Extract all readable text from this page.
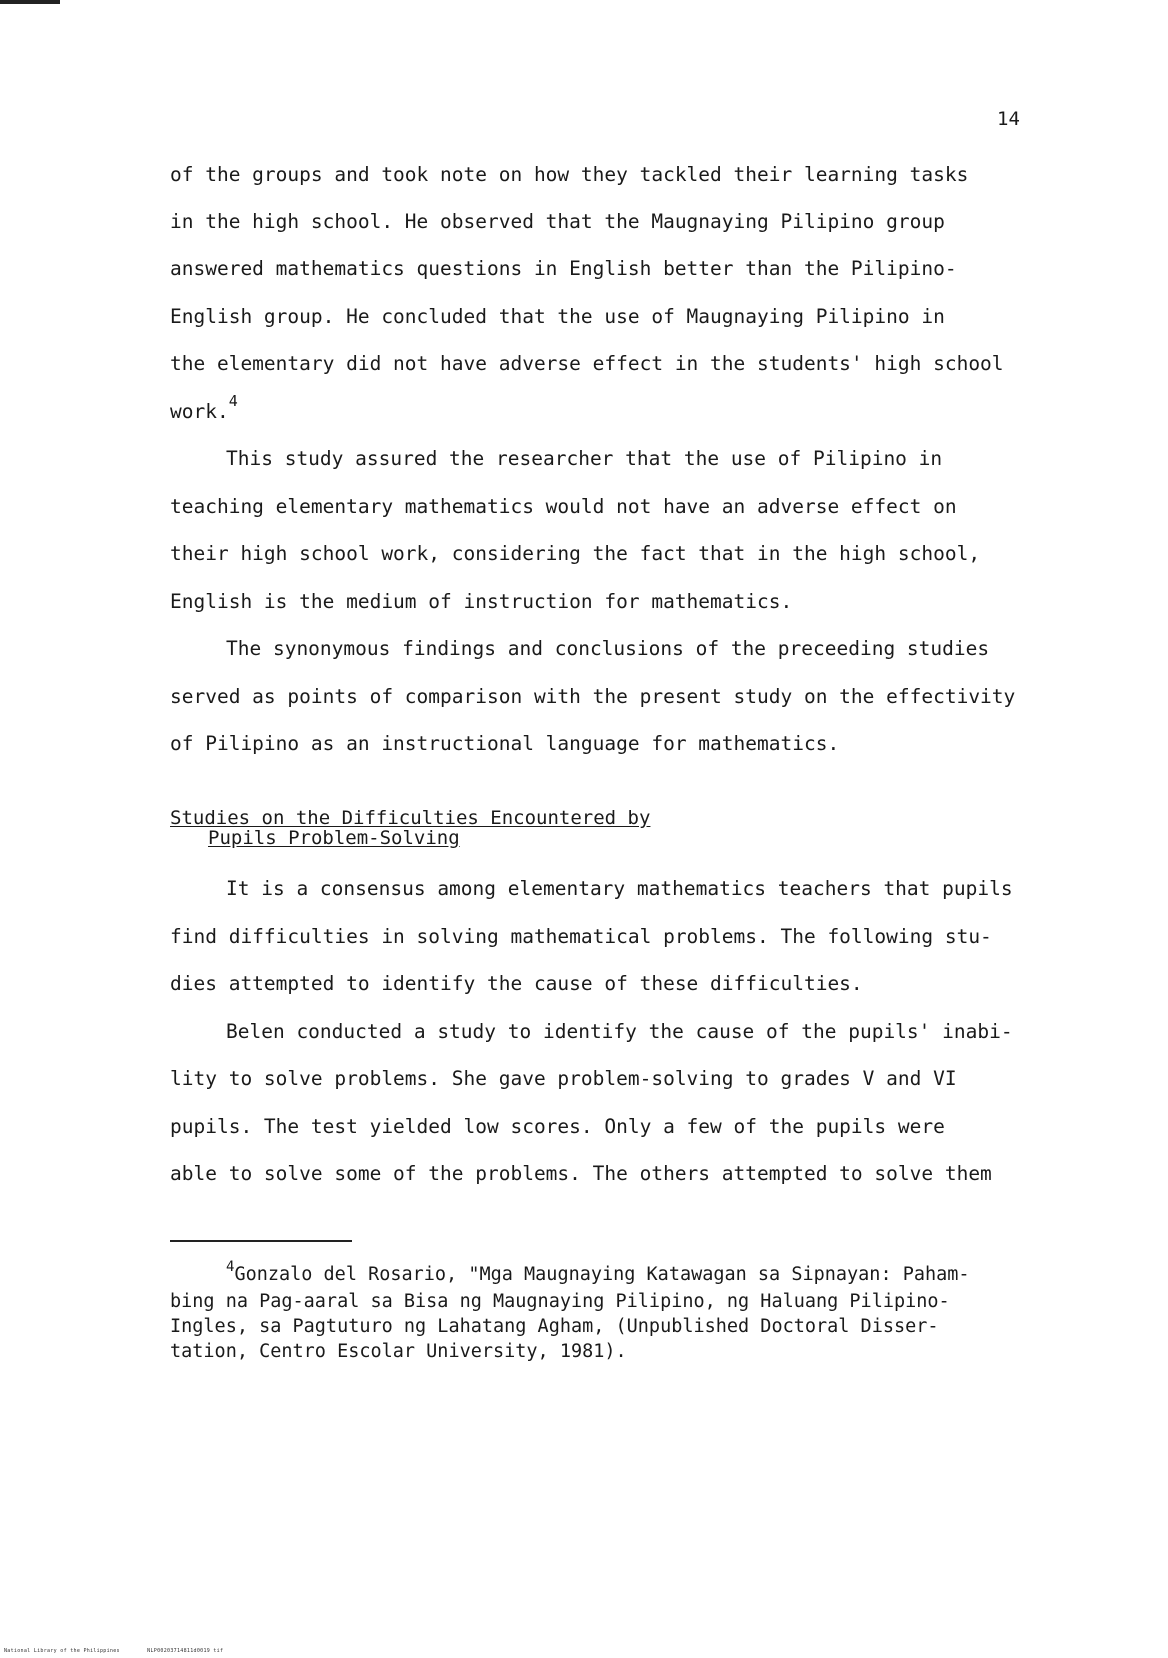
14
of the groups and took note on how they tackled their learning tasks
in the high school. He observed that the Maugnaying Pilipino group
answered mathematics questions in English better than the Pilipino-
English group. He concluded that the use of Maugnaying Pilipino in
the elementary did not have adverse effect in the students' high school
work.$^4$
This study assured the researcher that the use of Pilipino in
teaching elementary mathematics would not have an adverse effect on
their high school work, considering the fact that in the high school,
English is the medium of instruction for mathematics.
The synonymous findings and conclusions of the preceeding studies
served as points of comparison with the present study on the effectivity
of Pilipino as an instructional language for mathematics.
Studies on the Difficulties Encountered by
Pupils Problem-Solving
It is a consensus among elementary mathematics teachers that pupils
find difficulties in solving mathematical problems. The following stu-
dies attempted to identify the cause of these difficulties.
Belen conducted a study to identify the cause of the pupils' inabi-
lity to solve problems. She gave problem-solving to grades V and VI
pupils. The test yielded low scores. Only a few of the pupils were
able to solve some of the problems. The others attempted to solve them
$^4$Gonzalo del Rosario, "Mga Maugnaying Katawagan sa Sipnayan: Paham-
bing na Pag-aaral sa Bisa ng Maugnaying Pilipino, ng Haluang Pilipino-
Ingles, sa Pagtuturo ng Lahatang Agham, (Unpublished Doctoral Disser-
tation, Centro Escolar University, 1981).
National Library of the Philippines	NLP00203714811d0019 tif
